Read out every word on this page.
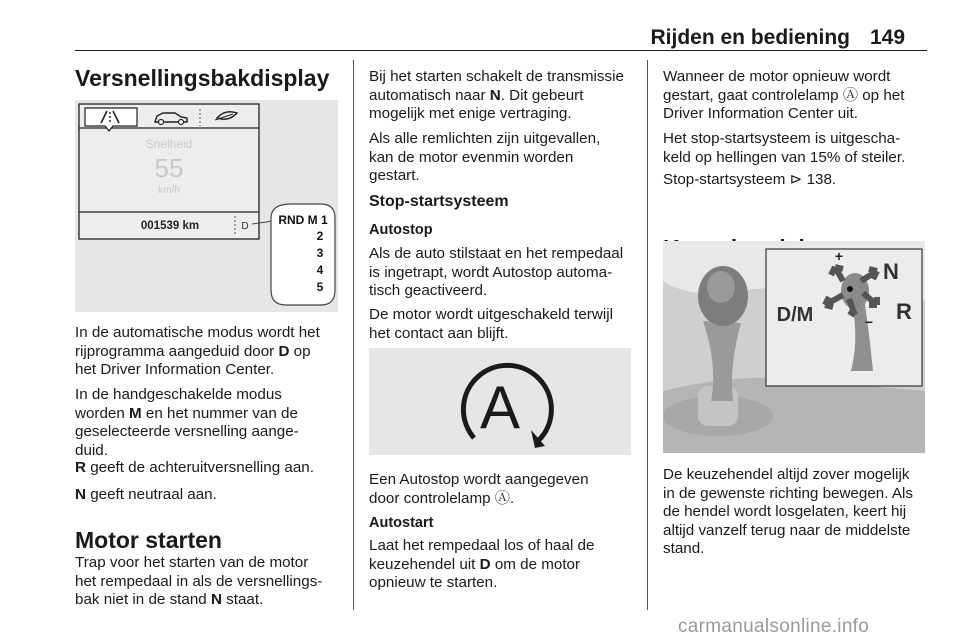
Rijden en bediening 149
Versnellingsbakdisplay
Snelheid
55
km/h
001539 km	D RND M 1
2
3
4
5
In de automatische modus wordt het
rijprogramma aangeduid door D op
het Driver Information Center.
In de handgeschakelde modus
worden M en het nummer van de
geselecteerde versnelling aange-
duid.
R geeft de achteruitversnelling aan.
N geeft neutraal aan.
Motor starten
Trap voor het starten van de motor
het rempedaal in als de versnellings-
bak niet in de stand N staat.
Bij het starten schakelt de transmissie
automatisch naar N. Dit gebeurt
mogelijk met enige vertraging.
Als alle remlichten zijn uitgevallen,
kan de motor evenmin worden
gestart.
Stop-startsysteem
Autostop
Als de auto stilstaat en het rempedaal
is ingetrapt, wordt Autostop automa-
tisch geactiveerd.
De motor wordt uitgeschakeld terwijl
het contact aan blijft.
A
Een Autostop wordt aangegeven
door controlelamp Ⓐ.
Autostart
Laat het rempedaal los of haal de
keuzehendel uit D om de motor
opnieuw te starten.
Wanneer de motor opnieuw wordt
gestart, gaat controlelamp Ⓐ op het
Driver Information Center uit.
Het stop-startsysteem is uitgescha-
keld op hellingen van 15% of steiler.
Stop-startsysteem ⊳ 138.
+
N
R
D/M	−
De keuzehendel altijd zover mogelijk
in de gewenste richting bewegen. Als
de hendel wordt losgelaten, keert hij
altijd vanzelf terug naar de middelste
stand.
carmanualsonline.info
